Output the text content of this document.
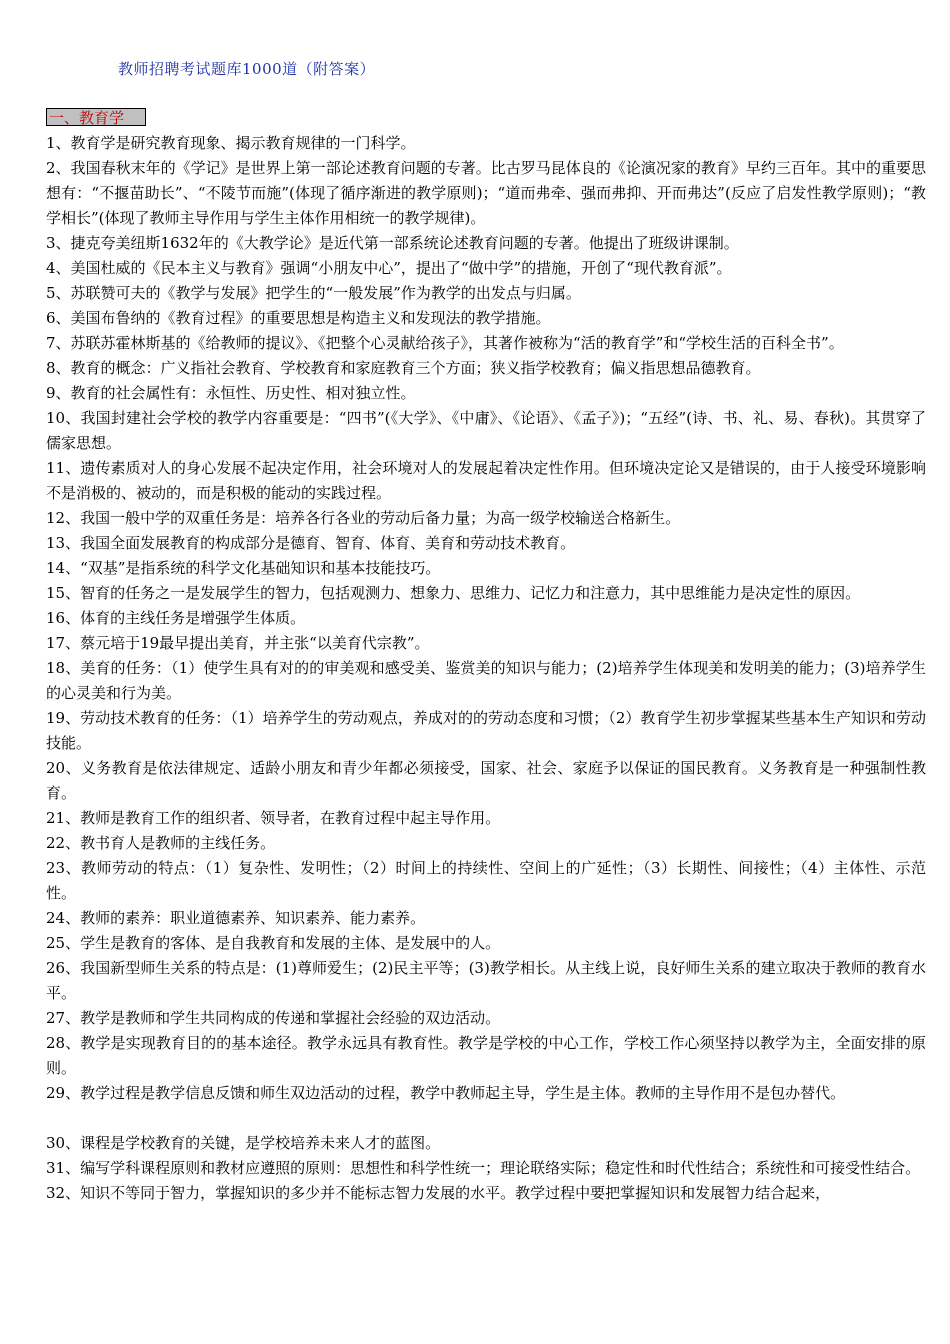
教师招聘考试题库1000道（附答案）
一、教育学
1、教育学是研究教育现象、揭示教育规律的一门科学。
2、我国春秋末年的《学记》是世界上第一部论述教育问题的专著。比古罗马昆体良的《论演况家的教育》早约三百年。其中的重要思想有：“不揠苗助长”、“不陵节而施”(体现了循序渐进的教学原则)；“道而弗牵、强而弗抑、开而弗达”(反应了启发性教学原则)；“教学相长”(体现了教师主导作用与学生主体作用相统一的教学规律)。
3、捷克夸美纽斯1632年的《大教学论》是近代第一部系统论述教育问题的专著。他提出了班级讲课制。
4、美国杜威的《民本主义与教育》强调“小朋友中心”，提出了“做中学”的措施，开创了“现代教育派”。
5、苏联赞可夫的《教学与发展》把学生的“一般发展”作为教学的出发点与归属。
6、美国布鲁纳的《教育过程》的重要思想是构造主义和发现法的教学措施。
7、苏联苏霍林斯基的《给教师的提议》、《把整个心灵献给孩子》，其著作被称为“活的教育学”和“学校生活的百科全书”。
8、教育的概念：广义指社会教育、学校教育和家庭教育三个方面；狭义指学校教育；偏义指思想品德教育。
9、教育的社会属性有：永恒性、历史性、相对独立性。
10、我国封建社会学校的教学内容重要是：“四书”(《大学》、《中庸》、《论语》、《孟子》)；“五经”(诗、书、礼、易、春秋)。其贯穿了儒家思想。
11、遗传素质对人的身心发展不起决定作用，社会环境对人的发展起着决定性作用。但环境决定论又是错误的，由于人接受环境影响不是消极的、被动的，而是积极的能动的实践过程。
12、我国一般中学的双重任务是：培养各行各业的劳动后备力量；为高一级学校输送合格新生。
13、我国全面发展教育的构成部分是德育、智育、体育、美育和劳动技术教育。
14、“双基”是指系统的科学文化基础知识和基本技能技巧。
15、智育的任务之一是发展学生的智力，包括观测力、想象力、思维力、记忆力和注意力，其中思维能力是决定性的原因。
16、体育的主线任务是增强学生体质。
17、蔡元培于19最早提出美育，并主张“以美育代宗教”。
18、美育的任务：（1）使学生具有对的的审美观和感受美、鉴赏美的知识与能力；(2)培养学生体现美和发明美的能力；(3)培养学生的心灵美和行为美。
19、劳动技术教育的任务：（1）培养学生的劳动观点，养成对的的劳动态度和习惯；（2）教育学生初步掌握某些基本生产知识和劳动技能。
20、义务教育是依法律规定、适龄小朋友和青少年都必须接受，国家、社会、家庭予以保证的国民教育。义务教育是一种强制性教育。
21、教师是教育工作的组织者、领导者，在教育过程中起主导作用。
22、教书育人是教师的主线任务。
23、教师劳动的特点：（1）复杂性、发明性；（2）时间上的持续性、空间上的广延性；（3）长期性、间接性；（4）主体性、示范性。
24、教师的素养：职业道德素养、知识素养、能力素养。
25、学生是教育的客体、是自我教育和发展的主体、是发展中的人。
26、我国新型师生关系的特点是：(1)尊师爱生；(2)民主平等；(3)教学相长。从主线上说，良好师生关系的建立取决于教师的教育水平。
27、教学是教师和学生共同构成的传递和掌握社会经验的双边活动。
28、教学是实现教育目的的基本途径。教学永远具有教育性。教学是学校的中心工作，学校工作心须坚持以教学为主，全面安排的原则。
29、教学过程是教学信息反馈和师生双边活动的过程，教学中教师起主导，学生是主体。教师的主导作用不是包办替代。
30、课程是学校教育的关键，是学校培养未来人才的蓝图。
31、编写学科课程原则和教材应遵照的原则：思想性和科学性统一；理论联络实际；稳定性和时代性结合；系统性和可接受性结合。
32、知识不等同于智力，掌握知识的多少并不能标志智力发展的水平。教学过程中要把掌握知识和发展智力结合起来，
